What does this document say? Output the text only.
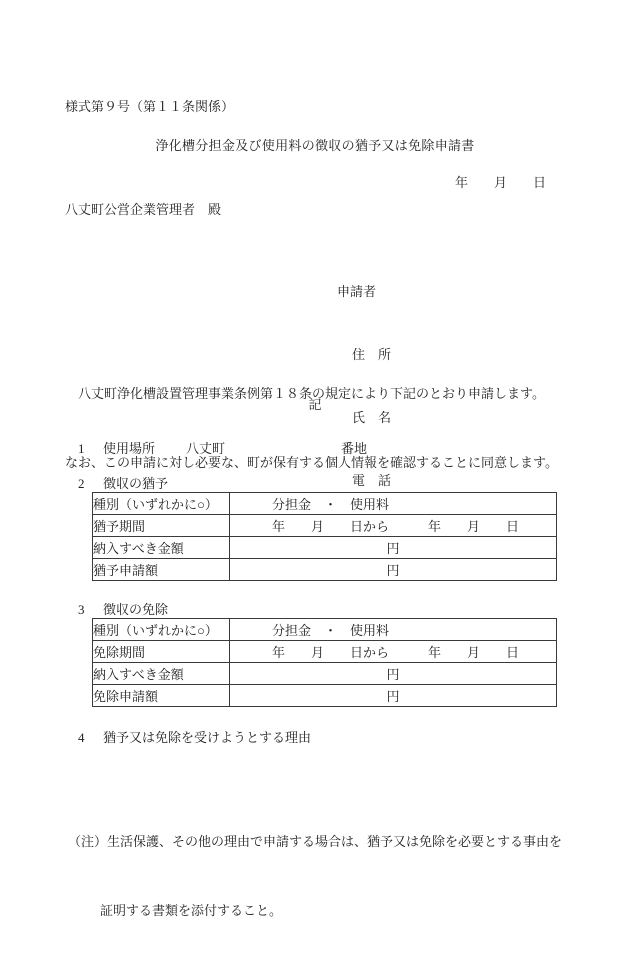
様式第９号（第１１条関係）
浄化槽分担金及び使用料の徴収の猶予又は免除申請書
年　　月　　日
八丈町公営企業管理者　殿

申請者

住　所

氏　名

電　話

　八丈町浄化槽設置管理事業条例第１８条の規定により下記のとおり申請します。

なお、この申請に対し必要な、町が保有する個人情報を確認することに同意します。

記
1 使用場所 八丈町	番地
2 徴収の猶予
種別（いずれかに○）	分担金　・　使用料
猶予期間	年　　月　　日から　　　年　　月　　日
納入すべき金額	円
猶予申請額	円
3 徴収の免除
種別（いずれかに○）	分担金　・　使用料
免除期間	年　　月　　日から　　　年　　月　　日
納入すべき金額	円
免除申請額	円
4 猶予又は免除を受けようとする理由

（注）生活保護、その他の理由で申請する場合は、猶予又は免除を必要とする事由を

証明する書類を添付すること。
